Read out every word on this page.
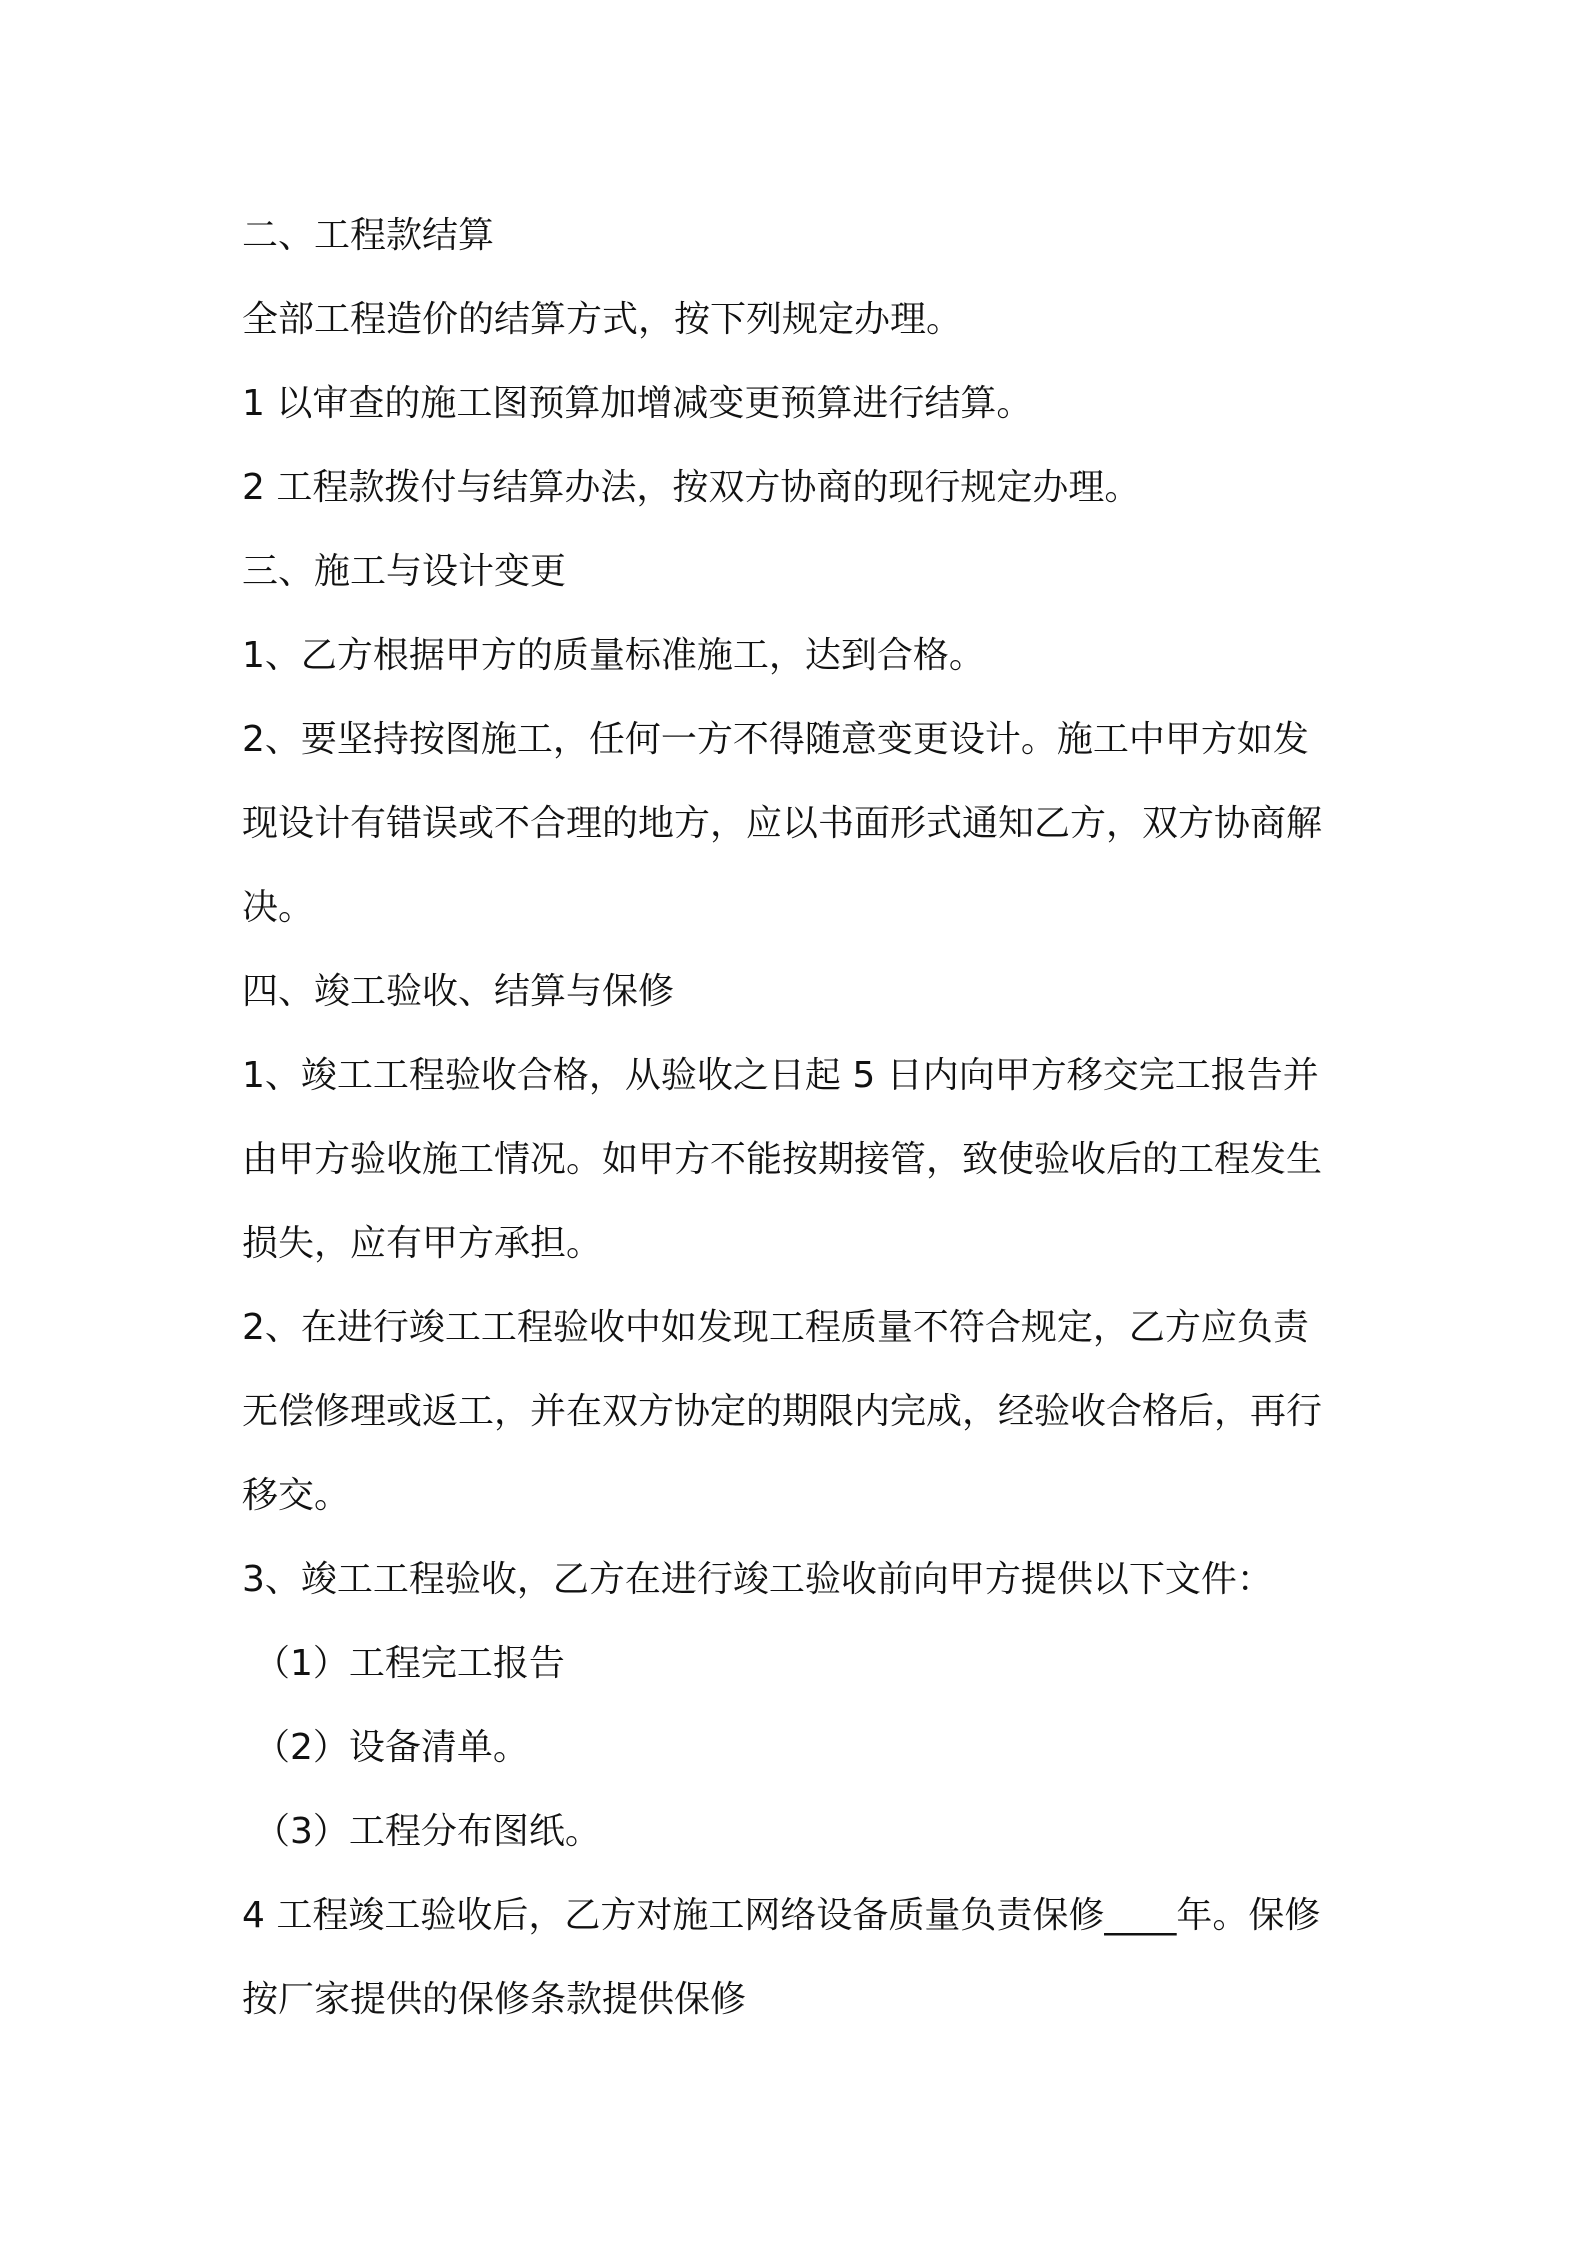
二、工程款结算

全部工程造价的结算方式，按下列规定办理。

1 以审查的施工图预算加增减变更预算进行结算。

2 工程款拨付与结算办法，按双方协商的现行规定办理。

三、施工与设计变更

1、乙方根据甲方的质量标准施工，达到合格。

2、要坚持按图施工，任何一方不得随意变更设计。施工中甲方如发

现设计有错误或不合理的地方，应以书面形式通知乙方，双方协商解

决。

四、竣工验收、结算与保修

1、竣工工程验收合格，从验收之日起 5 日内向甲方移交完工报告并

由甲方验收施工情况。如甲方不能按期接管，致使验收后的工程发生

损失，应有甲方承担。

2、在进行竣工工程验收中如发现工程质量不符合规定，乙方应负责

无偿修理或返工，并在双方协定的期限内完成，经验收合格后，再行

移交。

3、竣工工程验收，乙方在进行竣工验收前向甲方提供以下文件：

（1）工程完工报告

（2）设备清单。

（3）工程分布图纸。

4 工程竣工验收后，乙方对施工网络设备质量负责保修____年。保修

按厂家提供的保修条款提供保修
